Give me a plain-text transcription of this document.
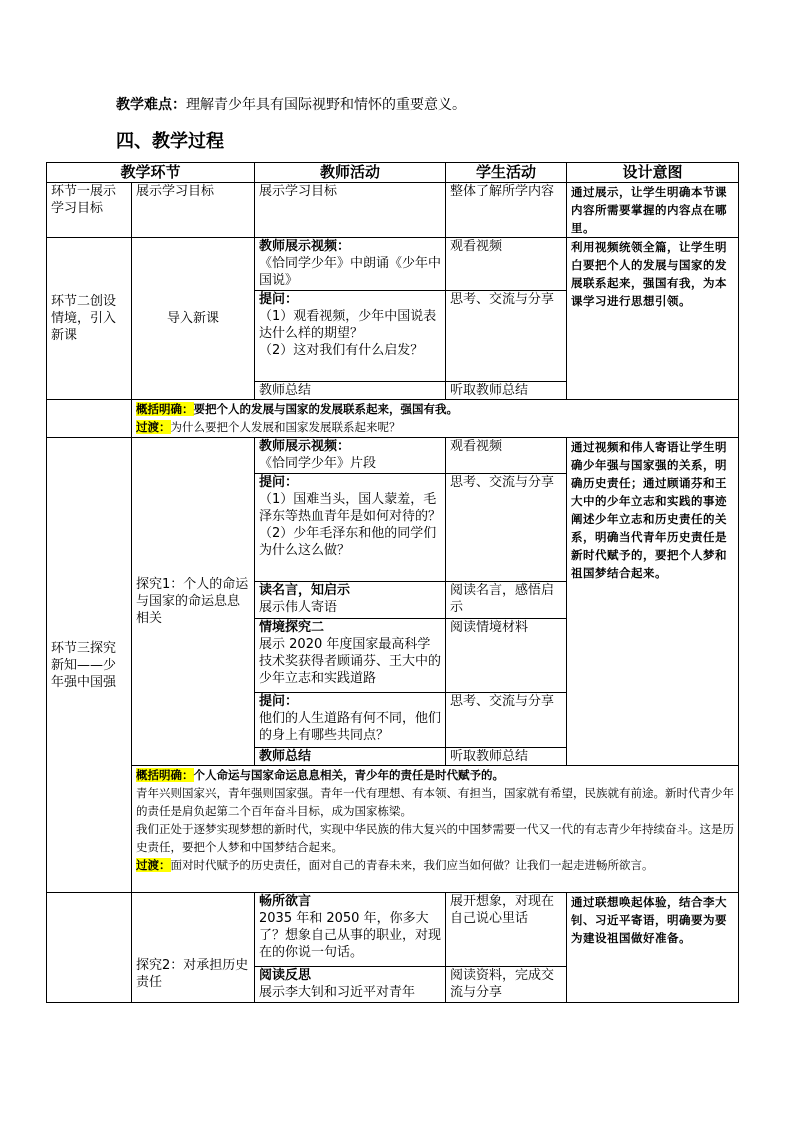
教学难点：理解青少年具有国际视野和情怀的重要意义。
四、教学过程
教学环节		教师活动	学生活动	设计意图
环节一展示学习目标	展示学习目标	展示学习目标	整体了解所学内容	通过展示，让学生明确本节课内容所需要掌握的内容点在哪里。
环节二创设情境，引入新课	导入新课	教师展示视频：
《恰同学少年》中朗诵《少年中国说》	观看视频	利用视频统领全篇，让学生明白要把个人的发展与国家的发展联系起来，强国有我，为本课学习进行思想引领。

		提问：
（1）观看视频，少年中国说表达什么样的期望？
（2）这对我们有什么启发？	思考、交流与分享	
		教师总结	听取教师总结	

	概括明确：要把个人的发展与国家的发展联系起来，强国有我。
过渡：为什么要把个人发展和国家发展联系起来呢？			

环节三探究新知——少年强中国强	探究1：个人的命运与国家的命运息息相关	教师展示视频：
《恰同学少年》片段	观看视频	通过视频和伟人寄语让学生明确少年强与国家强的关系，明确历史责任；通过顾诵芬和王大中的少年立志和实践的事迹阐述少年立志和历史责任的关系，明确当代青年历史责任是新时代赋予的，要把个人梦和祖国梦结合起来。

		提问：
（1）国难当头，国人蒙羞，毛泽东等热血青年是如何对待的？
（2）少年毛泽东和他的同学们为什么这么做？	思考、交流与分享	

		读名言，知启示
展示伟人寄语	阅读名言，感悟启示	

		情境探究二
展示 2020 年度国家最高科学技术奖获得者顾诵芬、王大中的少年立志和实践道路	阅读情境材料	

		提问：
他们的人生道路有何不同，他们的身上有哪些共同点？	思考、交流与分享	
		教师总结	听取教师总结	

	概括明确：个人命运与国家命运息息相关，青少年的责任是时代赋予的。
青年兴则国家兴，青年强则国家强。青年一代有理想、有本领、有担当，国家就有希望，民族就有前途。新时代青少年的责任是肩负起第二个百年奋斗目标，成为国家栋梁。
我们正处于逐梦实现梦想的新时代，实现中华民族的伟大复兴的中国梦需要一代又一代的有志青少年持续奋斗。这是历史责任，要把个人梦和中国梦结合起来。
过渡：面对时代赋予的历史责任，面对自己的青春未来，我们应当如何做？让我们一起走进畅所欲言。			

	探究2：对承担历史责任	畅所欲言
2035 年和 2050 年，你多大了？想象自己从事的职业，对现在的你说一句话。	展开想象，对现在自己说心里话	通过联想唤起体验，结合李大钊、习近平寄语，明确要为要为建设祖国做好准备。

		阅读反思
展示李大钊和习近平对青年	阅读资料，完成交流与分享	
